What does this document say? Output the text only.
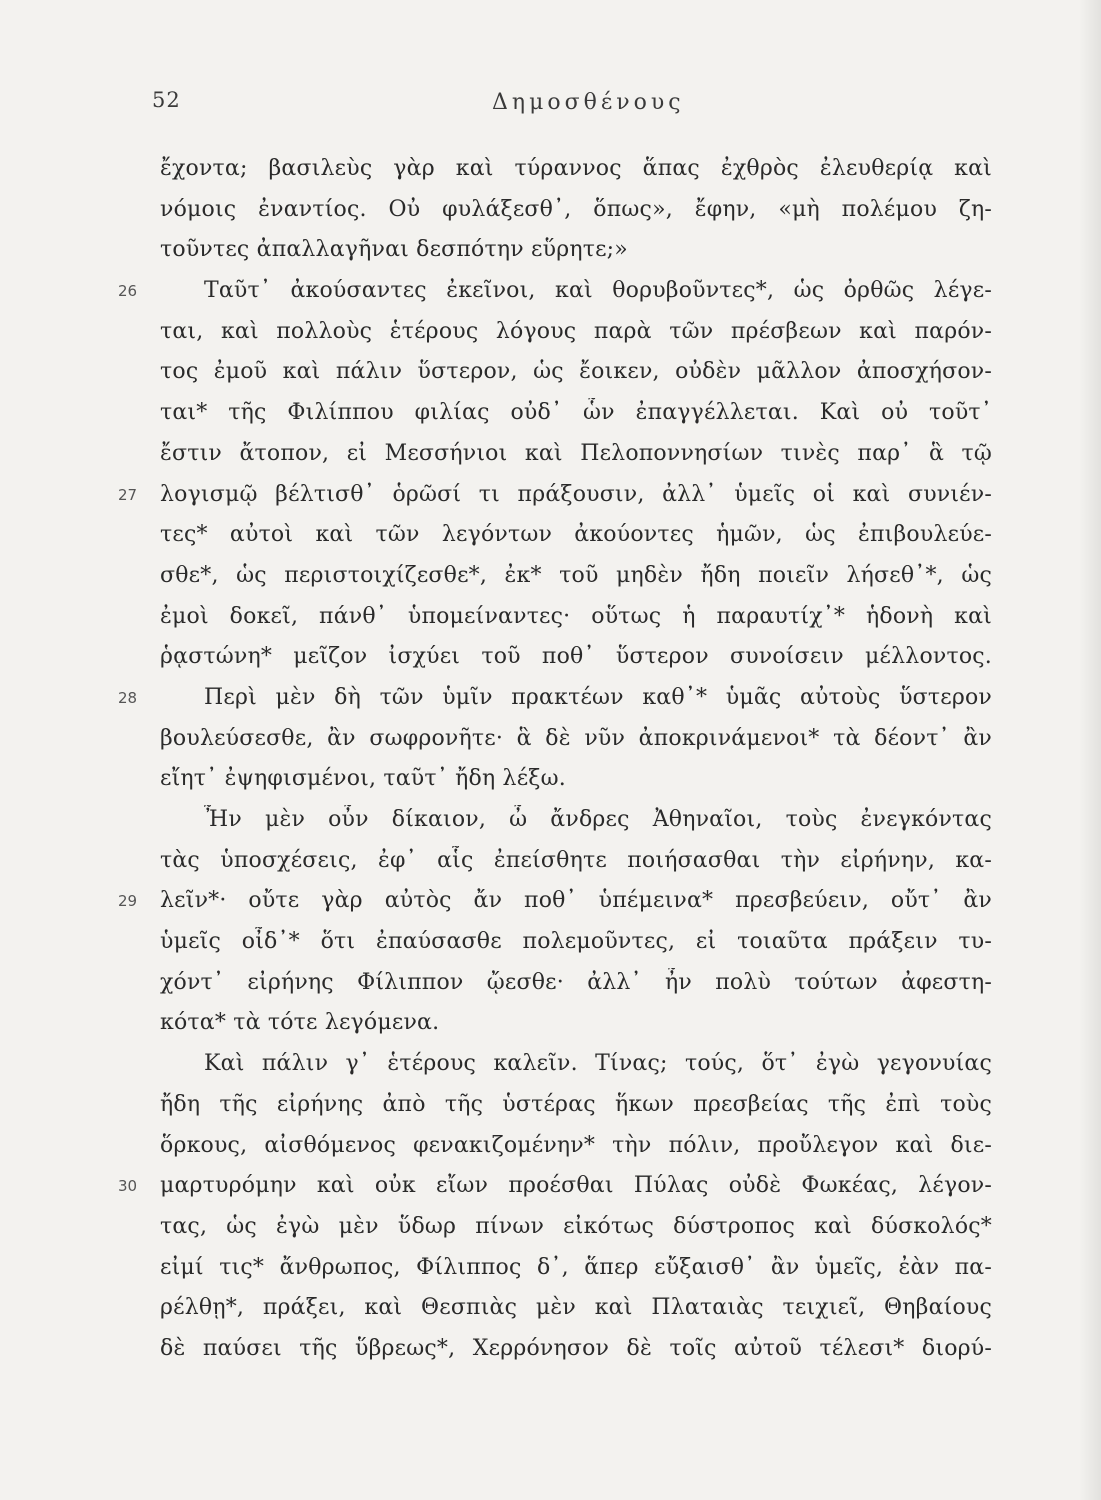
52	Δημοσθένους
ἔχοντα; βασιλεὺς γὰρ καὶ τύραννος ἅπας ἐχθρὸς ἐλευθερίᾳ καὶ
νόμοις ἐναντίος. Οὐ φυλάξεσθ᾽, ὅπως», ἔφην, «μὴ πολέμου ζη-
τοῦντες ἀπαλλαγῆναι δεσπότην εὕρητε;»
26	Ταῦτ᾽ ἀκούσαντες ἐκεῖνοι, καὶ θορυβοῦντες*, ὡς ὀρθῶς λέγε-
ται, καὶ πολλοὺς ἑτέρους λόγους παρὰ τῶν πρέσβεων καὶ παρόν-
τος ἐμοῦ καὶ πάλιν ὕστερον, ὡς ἔοικεν, οὐδὲν μᾶλλον ἀποσχήσον-
ται* τῆς Φιλίππου φιλίας οὐδ᾽ ὧν ἐπαγγέλλεται. Καὶ οὐ τοῦτ᾽
ἔστιν ἄτοπον, εἰ Μεσσήνιοι καὶ Πελοποννησίων τινὲς παρ᾽ ἃ τῷ
27 λογισμῷ βέλτισθ᾽ ὁρῶσί τι πράξουσιν, ἀλλ᾽ ὑμεῖς οἱ καὶ συνιέν-
τες* αὐτοὶ καὶ τῶν λεγόντων ἀκούοντες ἡμῶν, ὡς ἐπιβουλεύε-
σθε*, ὡς περιστοιχίζεσθε*, ἐκ* τοῦ μηδὲν ἤδη ποιεῖν λήσεθ᾽*, ὡς
ἐμοὶ δοκεῖ, πάνθ᾽ ὑπομείναντες· οὕτως ἡ παραυτίχ᾽* ἡδονὴ καὶ
ῥᾳστώνη* μεῖζον ἰσχύει τοῦ ποθ᾽ ὕστερον συνοίσειν μέλλοντος.
28	Περὶ μὲν δὴ τῶν ὑμῖν πρακτέων καθ᾽* ὑμᾶς αὐτοὺς ὕστερον
βουλεύσεσθε, ἂν σωφρονῆτε· ἃ δὲ νῦν ἀποκρινάμενοι* τὰ δέοντ᾽ ἂν
εἴητ᾽ ἐψηφισμένοι, ταῦτ᾽ ἤδη λέξω.
Ἦν μὲν οὖν δίκαιον, ὦ ἄνδρες Ἀθηναῖοι, τοὺς ἐνεγκόντας
τὰς ὑποσχέσεις, ἐφ᾽ αἷς ἐπείσθητε ποιήσασθαι τὴν εἰρήνην, κα-
29 λεῖν*· οὔτε γὰρ αὐτὸς ἄν ποθ᾽ ὑπέμεινα* πρεσβεύειν, οὔτ᾽ ἂν
ὑμεῖς οἶδ᾽* ὅτι ἐπαύσασθε πολεμοῦντες, εἰ τοιαῦτα πράξειν τυ-
χόντ᾽ εἰρήνης Φίλιππον ᾤεσθε· ἀλλ᾽ ἦν πολὺ τούτων ἀφεστη-
κότα* τὰ τότε λεγόμενα.
Καὶ πάλιν γ᾽ ἑτέρους καλεῖν. Τίνας; τούς, ὅτ᾽ ἐγὼ γεγονυίας
ἤδη τῆς εἰρήνης ἀπὸ τῆς ὑστέρας ἥκων πρεσβείας τῆς ἐπὶ τοὺς
ὅρκους, αἰσθόμενος φενακιζομένην* τὴν πόλιν, προὔλεγον καὶ διε-
30 μαρτυρόμην καὶ οὐκ εἴων προέσθαι Πύλας οὐδὲ Φωκέας, λέγον-
τας, ὡς ἐγὼ μὲν ὕδωρ πίνων εἰκότως δύστροπος καὶ δύσκολός*
εἰμί τις* ἄνθρωπος, Φίλιππος δ᾽, ἅπερ εὔξαισθ᾽ ἂν ὑμεῖς, ἐὰν πα-
ρέλθῃ*, πράξει, καὶ Θεσπιὰς μὲν καὶ Πλαταιὰς τειχιεῖ, Θηβαίους
δὲ παύσει τῆς ὕβρεως*, Χερρόνησον δὲ τοῖς αὐτοῦ τέλεσι* διορύ-
